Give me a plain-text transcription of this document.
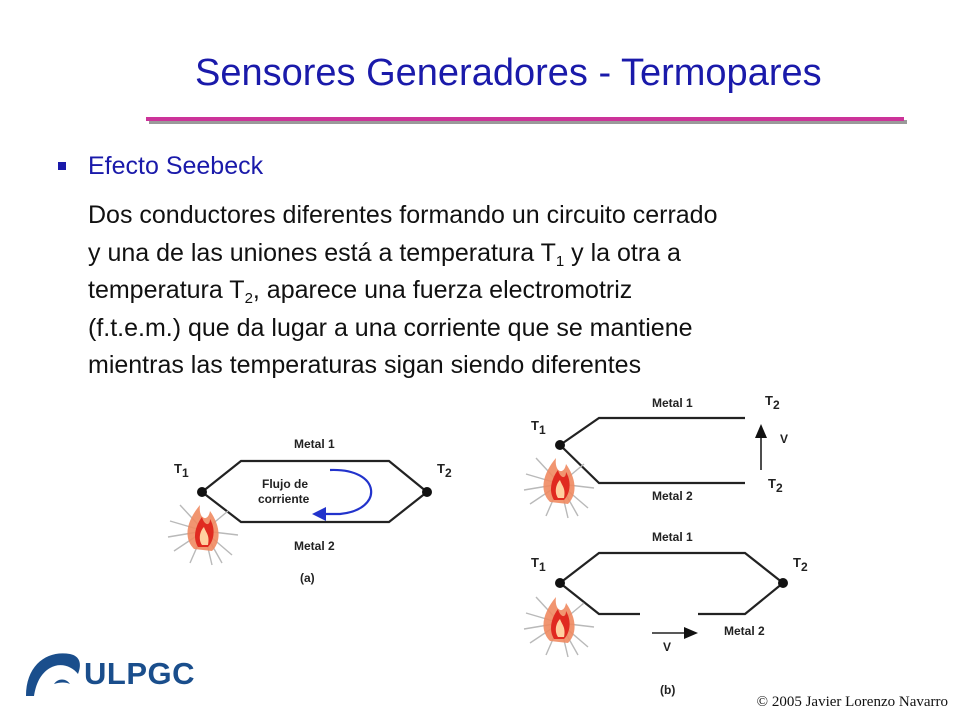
Sensores Generadores - Termopares
Efecto Seebeck
Dos conductores diferentes formando un circuito cerrado
y una de las uniones está a temperatura $T_1$ y la otra a
temperatura $T_2$, aparece una fuerza electromotriz
(f.t.e.m.) que da lugar a una corriente que se mantiene
mientras las temperaturas sigan siendo diferentes
Metal 1
Metal 2
T1	T2
Flujo de
corriente
(a)
Metal 1
Metal 2
T1
T2
T2
V
Metal 1
Metal 2
T1	T2
V
(b)
ULPGC
© 2005 Javier Lorenzo Navarro
